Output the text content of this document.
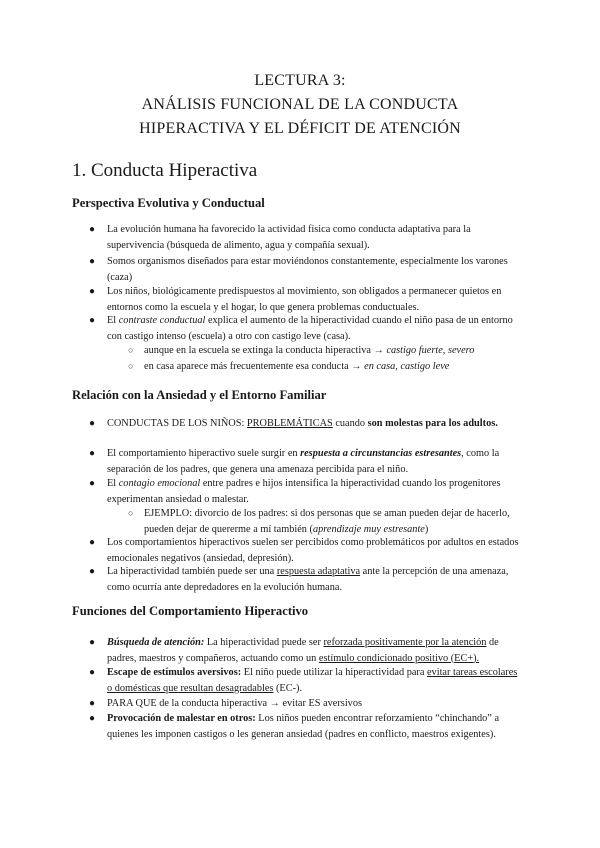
LECTURA 3:
ANÁLISIS FUNCIONAL DE LA CONDUCTA
HIPERACTIVA Y EL DÉFICIT DE ATENCIÓN
1. Conducta Hiperactiva
Perspectiva Evolutiva y Conductual
● La evolución humana ha favorecido la actividad física como conducta adaptativa para la supervivencia (búsqueda de alimento, agua y compañía sexual).
● Somos organismos diseñados para estar moviéndonos constantemente, especialmente los varones (caza)
● Los niños, biológicamente predispuestos al movimiento, son obligados a permanecer quietos en entornos como la escuela y el hogar, lo que genera problemas conductuales.
● El contraste conductual explica el aumento de la hiperactividad cuando el niño pasa de un entorno con castigo intenso (escuela) a otro con castigo leve (casa).
○ aunque en la escuela se extinga la conducta hiperactiva → castigo fuerte, severo
○ en casa aparece más frecuentemente esa conducta → en casa, castigo leve
Relación con la Ansiedad y el Entorno Familiar
● CONDUCTAS DE LOS NIÑOS: PROBLEMÁTICAS cuando son molestas para los adultos.
● El comportamiento hiperactivo suele surgir en respuesta a circunstancias estresantes, como la separación de los padres, que genera una amenaza percibida para el niño.
● El contagio emocional entre padres e hijos intensifica la hiperactividad cuando los progenitores experimentan ansiedad o malestar.
○ EJEMPLO: divorcio de los padres: si dos personas que se aman pueden dejar de hacerlo, pueden dejar de quererme a mí también (aprendizaje muy estresante)
● Los comportamientos hiperactivos suelen ser percibidos como problemáticos por adultos en estados emocionales negativos (ansiedad, depresión).
● La hiperactividad también puede ser una respuesta adaptativa ante la percepción de una amenaza, como ocurría ante depredadores en la evolución humana.
Funciones del Comportamiento Hiperactivo
● Búsqueda de atención: La hiperactividad puede ser reforzada positivamente por la atención de padres, maestros y compañeros, actuando como un estímulo condicionado positivo (EC+).
● Escape de estímulos aversivos: El niño puede utilizar la hiperactividad para evitar tareas escolares o domésticas que resultan desagradables (EC-).
● PARA QUE de la conducta hiperactiva → evitar ES aversivos
● Provocación de malestar en otros: Los niños pueden encontrar reforzamiento “chinchando” a quienes les imponen castigos o les generan ansiedad (padres en conflicto, maestros exigentes).
